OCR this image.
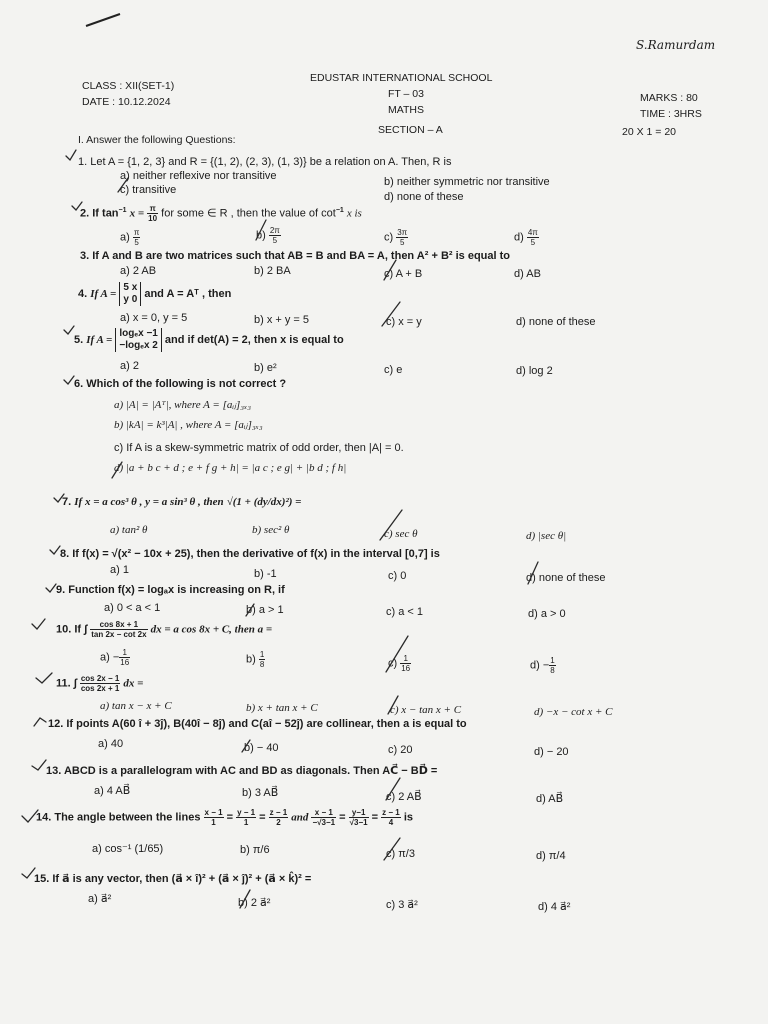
S.Ramurdam
CLASS : XII(SET-1)
DATE : 10.12.2024
EDUSTAR INTERNATIONAL SCHOOL
FT – 03
MATHS
SECTION – A
MARKS : 80
TIME : 3HRS
20 X 1 = 20
I. Answer the following Questions:
1. Let A = {1, 2, 3} and R = {(1, 2), (2, 3), (1, 3)} be a relation on A. Then, R is
a) neither reflexive nor transitive	b) neither symmetric nor transitive
c) transitive
d) none of these
2. If $\tan^{-1} x = \frac{\pi}{10}$ for some ∈ R , then the value of $\cot^{-1} x$ is
$a) \frac{\pi}{5}$	$b) \frac{2\pi}{5}$	$c) \frac{3\pi}{5}$	$d) \frac{4\pi}{5}$
3. If A and B are two matrices such that AB = B and BA = A, then A² + B² is equal to
a) 2 AB	b) 2 BA	c) A + B	d) AB
4. If A =
5 x
y 0 and A = Aᵀ , then
a) x = 0, y = 5	b) x + y = 5	c) x = y	d) none of these
5. If A =
logₑx −1
−logₑx 2 and if det(A) = 2, then x is equal to
a) 2	b) e²	c) e	d) log 2
6. Which of the following is not correct ?
a) |A| = |Aᵀ|, where A = [aᵢⱼ]₃ₓ₃
b) |kA| = k³|A| , where A = [aᵢⱼ]₃ₓ₃
c) If A is a skew-symmetric matrix of odd order, then |A| = 0.
d) |a + b c + d ; e + f g + h| = |a c ; e g| + |b d ; f h|
7. If x = a cos³ θ , y = a sin³ θ , then √(1 + (dy/dx)²) =
a) tan² θ	b) sec² θ	c) sec θ	d) |sec θ|
8. If f(x) = √(x² − 10x + 25), then the derivative of f(x) in the interval [0,7] is
a) 1	b) -1	c) 0	d) none of these
9. Function f(x) = logₐx is increasing on R, if
a) 0 < a < 1	b) a > 1	c) a < 1	d) a > 0
10. If ∫ $\frac{\cos 8x + 1}{\tan 2x - \cot 2x}$ dx = a cos 8x + C, then a =
$a) - \frac{1}{16}$	$b) \frac{1}{8}$	$c) \frac{1}{16}$	$d) - \frac{1}{8}$
11. ∫ $\frac{\cos 2x - 1}{\cos 2x + 1}$ dx =
a) tan x − x + C	b) x + tan x + C	c) x − tan x + C	d) −x − cot x + C
12. If points A(60 î + 3ĵ), B(40î − 8ĵ) and C(aî − 52ĵ) are collinear, then a is equal to
a) 40	b) − 40	c) 20	d) − 20
13. ABCD is a parallelogram with AC and BD as diagonals. Then AC⃗ − BD⃗ =
a) 4 AB⃗	b) 3 AB⃗	c) 2 AB⃗	d) AB⃗
14. The angle between the lines $\frac{x - 1}{1} = \frac{y - 1}{1} = \frac{z - 1}{2}$ and $\frac{x - 1}{-√3-1} = \frac{y-1}{√3-1} = \frac{z - 1}{4}$ is
a) cos⁻¹ (1/65)	b) π/6	c) π/3	d) π/4
15. If a⃗ is any vector, then (a⃗ × î)² + (a⃗ × ĵ)² + (a⃗ × k̂)² =
a) a⃗²	b) 2 a⃗²	c) 3 a⃗²	d) 4 a⃗²
